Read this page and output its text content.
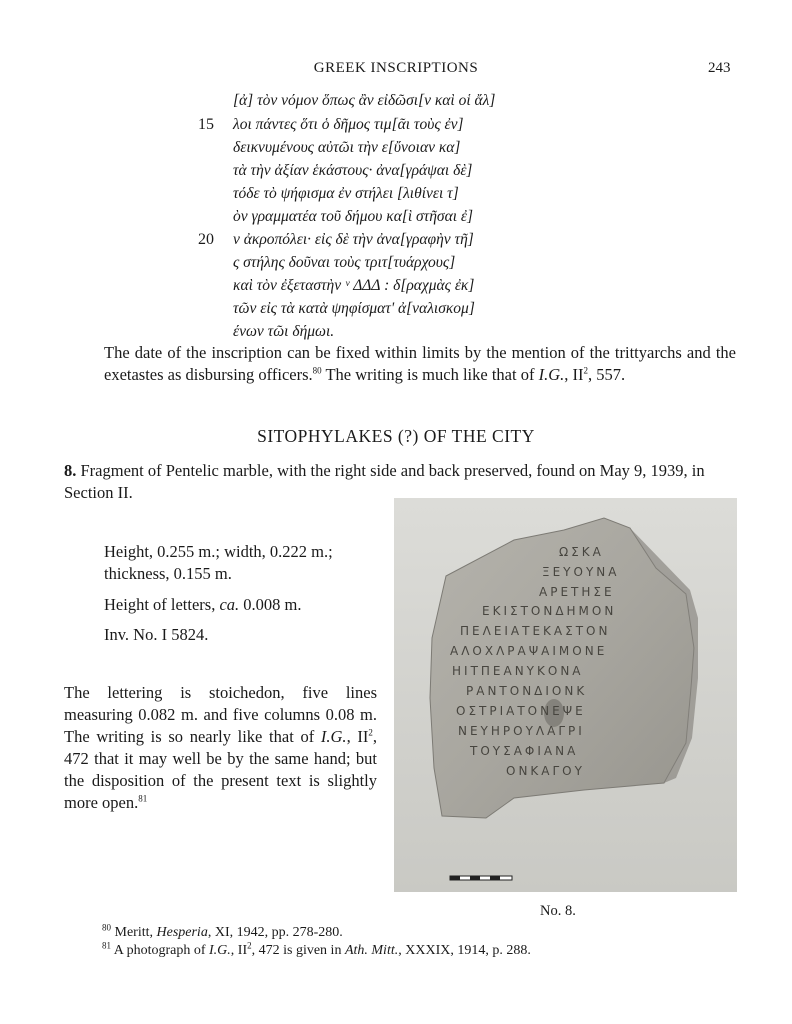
GREEK INSCRIPTIONS	243
[ἀ] τὸν νόμον ὅπως ἂν εἰδῶσι[ν καὶ οἱ ἄλ]
15 λοι πάντες ὅτι ὁ δῆμος τιμ[ᾶι τοὺς ἐν]
δεικνυμένους αὐτῶι τὴν ε[ὔνοιαν κα]
τὰ τὴν ἀξίαν ἑκάστους· ἀνα[γράψαι δὲ]
τόδε τὸ ψήφισμα ἐν στήλει [λιθίνει τ]
ὸν γραμματέα τοῦ δήμου κα[ὶ στῆσαι ἐ]
20 ν ἀκροπόλει· εἰς δὲ τὴν ἀνα[γραφὴν τῆ]
ς στήλης δοῦναι τοὺς τριτ[τυάρχους]
καὶ τὸν ἐξεταστὴν ᵛ ΔΔΔ : δ[ραχμὰς ἐκ]
τῶν εἰς τὰ κατὰ ψηφίσματ' ἀ[ναλισκομ]
ένων τῶι δήμωι.
The date of the inscription can be fixed within limits by the mention of the trittyarchs and the exetastes as disbursing officers.$^{80}$ The writing is much like that of I.G., $II^2$, 557.
SITOPHYLAKES (?) OF THE CITY
8. Fragment of Pentelic marble, with the right side and back preserved, found on May 9, 1939, in Section II.
Height, 0.255 m.; width, 0.222 m.; thickness, 0.155 m.
Height of letters, ca. 0.008 m.
Inv. No. I 5824.
The lettering is stoichedon, five lines measuring 0.082 m. and five columns 0.08 m. The writing is so nearly like that of I.G., $II^2$, 472 that it may well be by the same hand; but the disposition of the present text is slightly more open.$^{81}$
ΩΣΚΑ
ΞΕΥΟΥΝΑ
ΑΡΕΤΗΣΕ
ΕΚΙΣΤΟΝΔΗΜΟΝ
ΠΕΛΕΙΑΤΕΚΑΣΤΟΝ
ΑΛΟΧΛΡΑΨΑΙΜΟΝΕ
ΗΙΤΠΕΑΝΥΚΟΝΑ
ΡΑΝΤΟΝΔΙΟΝΚ
ΟΣΤΡΙΑΤΟΝΕΨΕ
ΝΕΥΗΡΟΥΛΑΓΡΙ
ΤΟΥΣΑΦΙΑΝΑ
ΟΝΚΑΓΟΥ
No. 8.
$^{80}$ Meritt, Hesperia, XI, 1942, pp. 278-280.
$^{81}$ A photograph of I.G., $II^2$, 472 is given in Ath. Mitt., XXXIX, 1914, p. 288.
